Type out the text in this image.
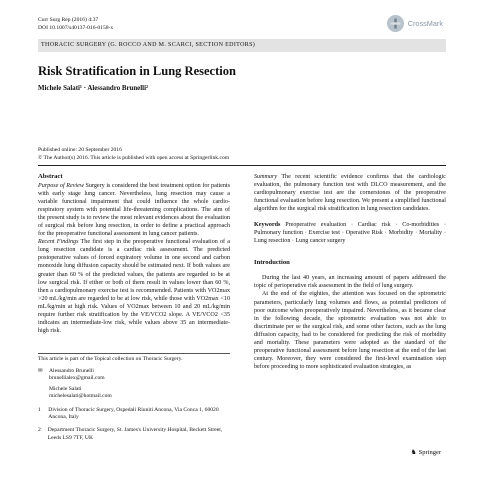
Curr Surg Rep (2016) 4:37
DOI 10.1007/s40137-016-0158-x	CrossMark
THORACIC SURGERY (G. ROCCO AND M. SCARCI, SECTION EDITORS)
Risk Stratification in Lung Resection
Michele Salati¹ · Alessandro Brunelli²
Published online: 20 September 2016
© The Author(s) 2016. This article is published with open access at Springerlink.com
Abstract

Purpose of Review Surgery is considered the best treatment option for patients with early stage lung cancer. Nevertheless, lung resection may cause a variable functional impairment that could influence the whole cardio-respiratory system with potential life-threatening complications. The aim of the present study is to review the most relevant evidences about the evaluation of surgical risk before lung resection, in order to define a practical approach for the preoperative functional assessment in lung cancer patients.

Recent Findings The first step in the preoperative functional evaluation of a lung resection candidate is a cardiac risk assessment. The predicted postoperative values of forced expiratory volume in one second and carbon monoxide lung diffusion capacity should be estimated next. If both values are greater than 60 % of the predicted values, the patients are regarded to be at low surgical risk. If either or both of them result in values lower than 60 %, then a cardiopulmonary exercise test is recommended. Patients with VO2max >20 mL/kg/min are regarded to be at low risk, while those with VO2max <10 mL/kg/min at high risk. Values of VO2max between 10 and 20 mL/kg/min require further risk stratification by the VE/VCO2 slope. A VE/VCO2 <35 indicates an intermediate-low risk, while values above 35 an intermediate-high risk.

This article is part of the Topical collection on Thoracic Surgery.
✉	Alessandro Brunelli
brunellialex@gmail.com
Michele Salati
michelesalati@hotmail.com
1	Division of Thoracic Surgery, Ospedali Riuniti Ancona, Via Conca 1, 60020 Ancona, Italy
2	Department Thoracic Surgery, St. James's University Hospital, Beckett Street, Leeds LS9 7TF, UK

Summary The recent scientific evidence confirms that the cardiologic evaluation, the pulmonary function test with DLCO measurement, and the cardiopulmonary exercise test are the cornerstones of the preoperative functional evaluation before lung resection. We present a simplified functional algorithm for the surgical risk stratification in lung resection candidates.

Keywords Preoperative evaluation · Cardiac risk · Co-morbidities · Pulmonary function · Exercise test · Operative Risk · Morbidity · Mortality · Lung resection · Lung cancer surgery

Introduction

During the last 40 years, an increasing amount of papers addressed the topic of perioperative risk assessment in the field of lung surgery.

At the end of the eighties, the attention was focused on the spirometric parameters, particularly lung volumes and flows, as potential predictors of poor outcome when preoperatively impaired. Nevertheless, as it became clear in the following decade, the spirometric evaluation was not able to discriminate per se the surgical risk, and some other factors, such as the lung diffusion capacity, had to be considered for predicting the risk of morbidity and mortality. These parameters were adopted as the standard of the preoperative functional assessment before lung resection at the end of the last century. Moreover, they were considered the first-level examination step before proceeding to more sophisticated evaluation strategies, as

♞ Springer
